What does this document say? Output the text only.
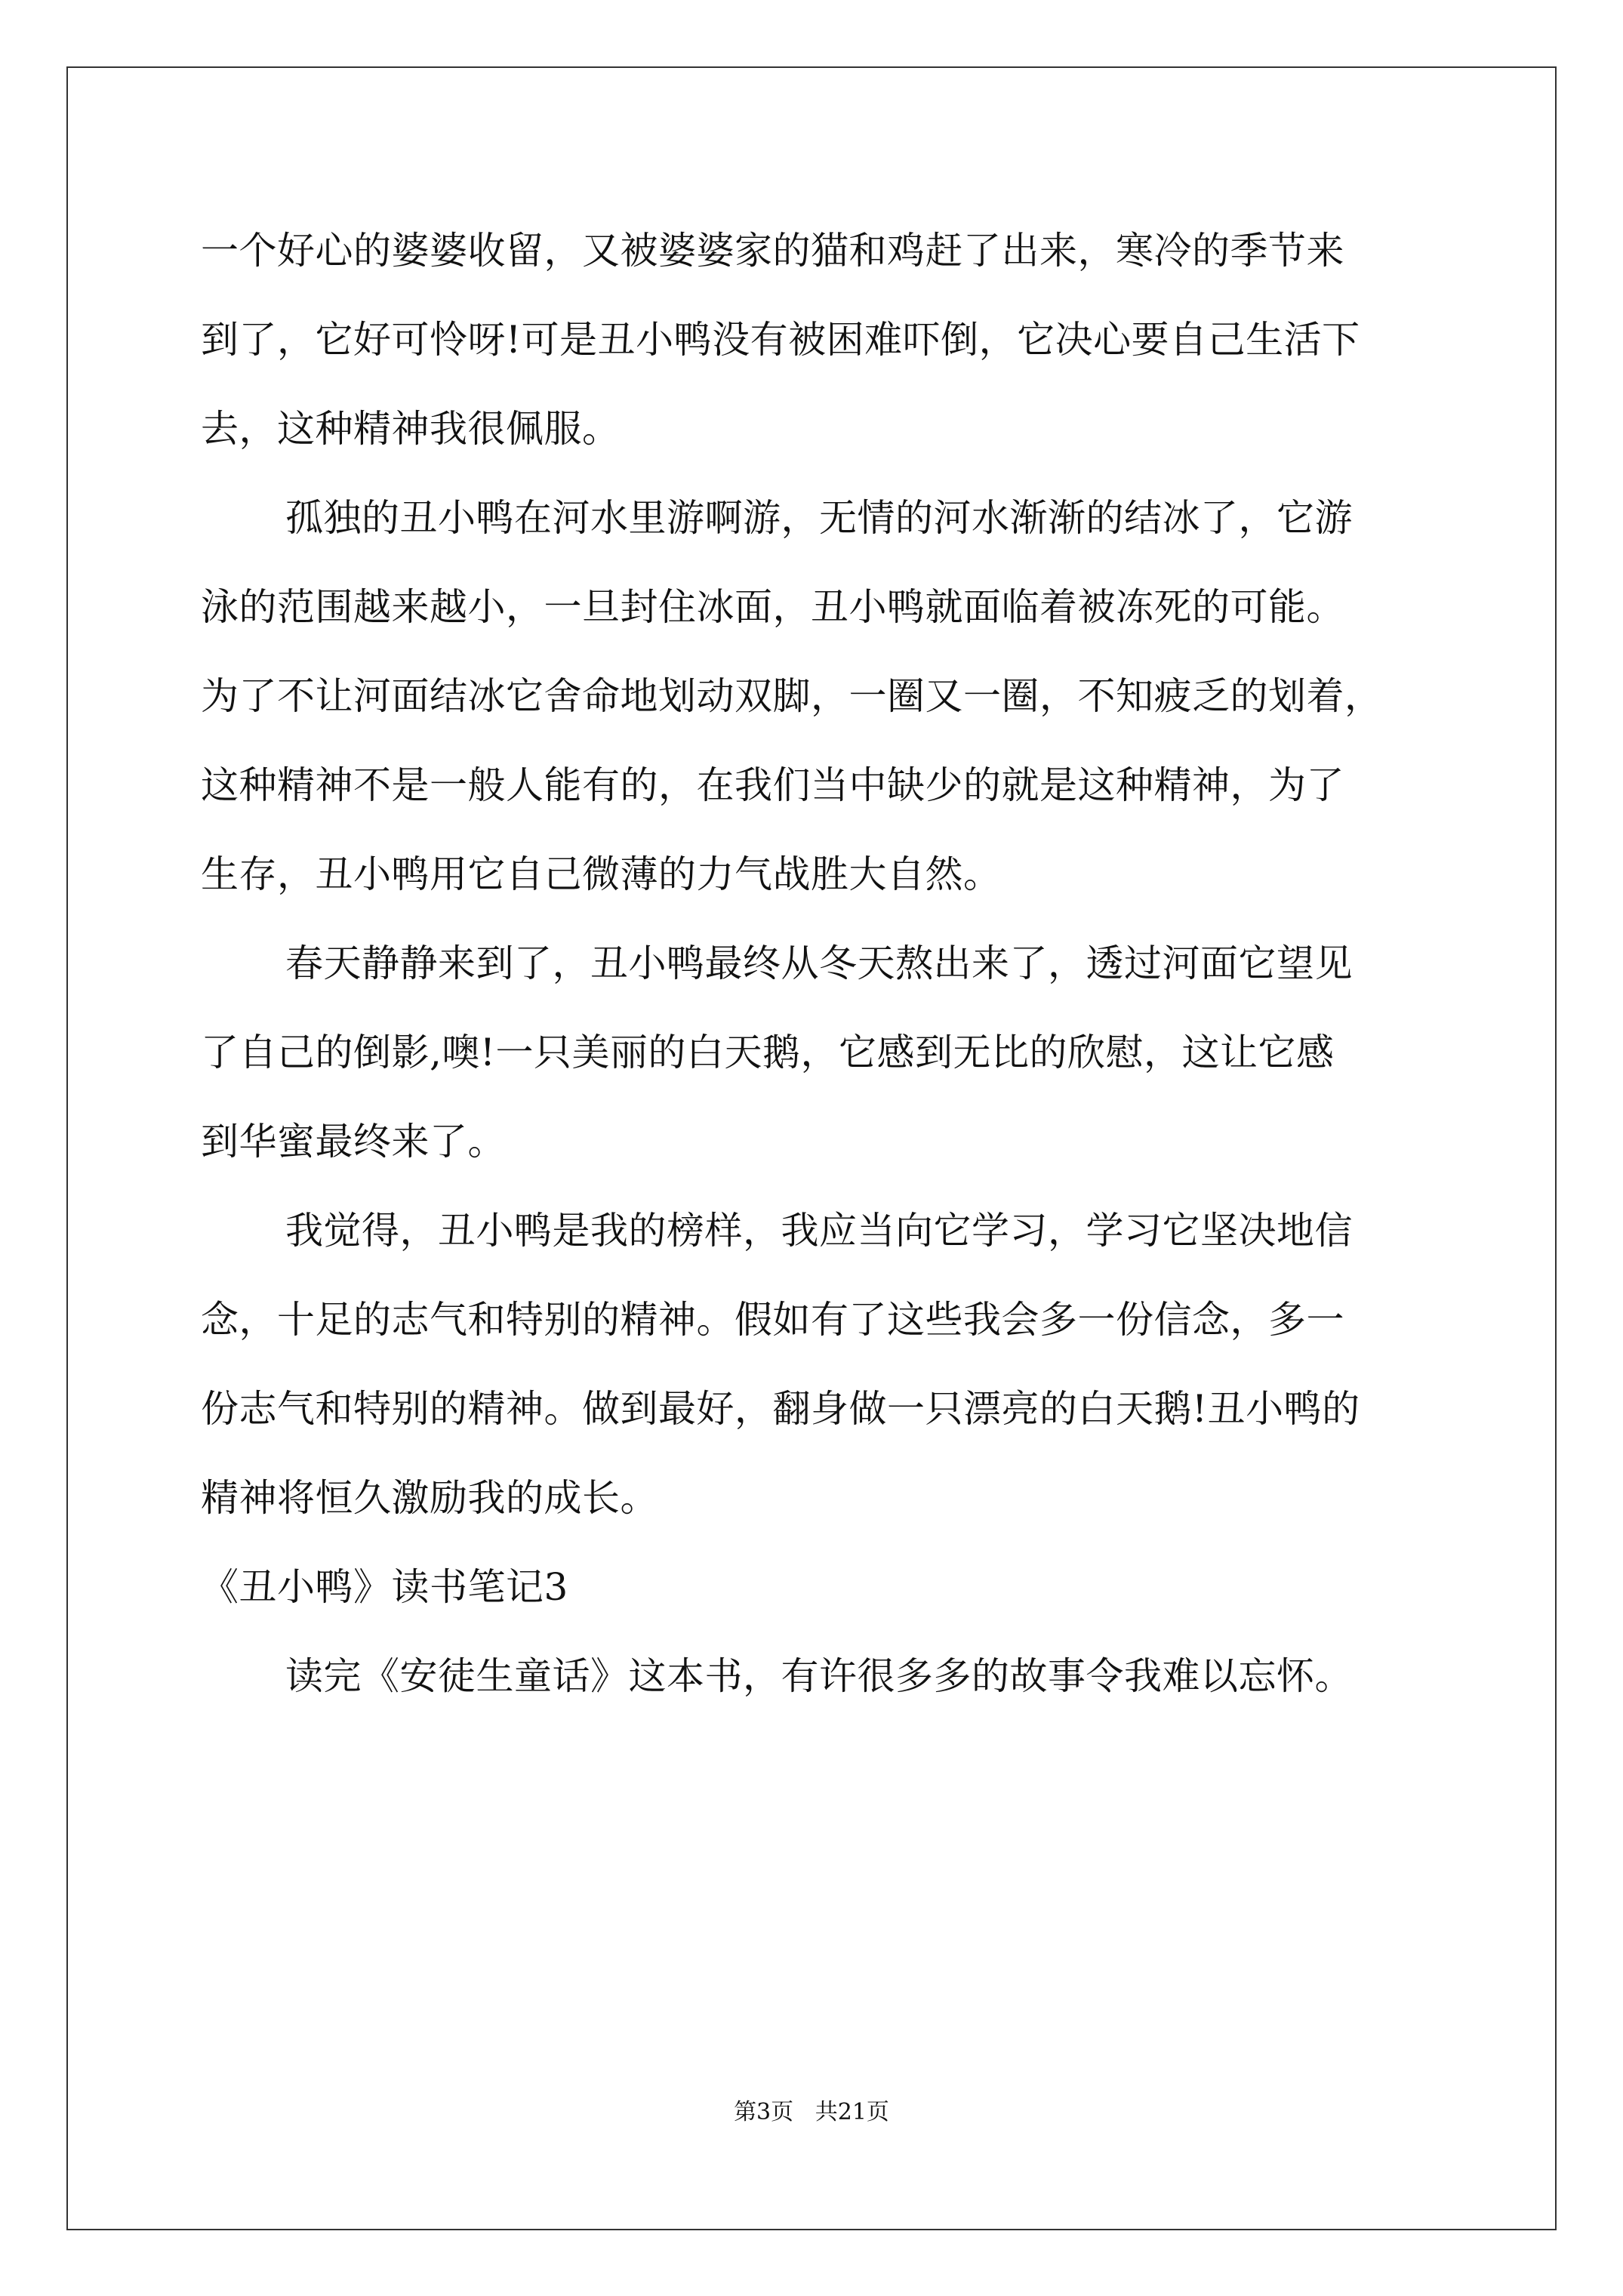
一个好心的婆婆收留，又被婆婆家的猫和鸡赶了出来，寒冷的季节来
到了，它好可怜呀!可是丑小鸭没有被困难吓倒，它决心要自己生活下
去，这种精神我很佩服。
孤独的丑小鸭在河水里游啊游，无情的河水渐渐的结冰了，它游
泳的范围越来越小，一旦封住冰面，丑小鸭就面临着被冻死的可能。
为了不让河面结冰它舍命地划动双脚，一圈又一圈，不知疲乏的划着，
这种精神不是一般人能有的，在我们当中缺少的就是这种精神，为了
生存，丑小鸭用它自己微薄的力气战胜大自然。
春天静静来到了，丑小鸭最终从冬天熬出来了，透过河面它望见
了自己的倒影,噢!一只美丽的白天鹅，它感到无比的欣慰，这让它感
到华蜜最终来了。
我觉得，丑小鸭是我的榜样，我应当向它学习，学习它坚决地信
念，十足的志气和特别的精神。假如有了这些我会多一份信念，多一
份志气和特别的精神。做到最好，翻身做一只漂亮的白天鹅!丑小鸭的
精神将恒久激励我的成长。
《丑小鸭》读书笔记3
读完《安徒生童话》这本书，有许很多多的故事令我难以忘怀。
第3页   共21页
